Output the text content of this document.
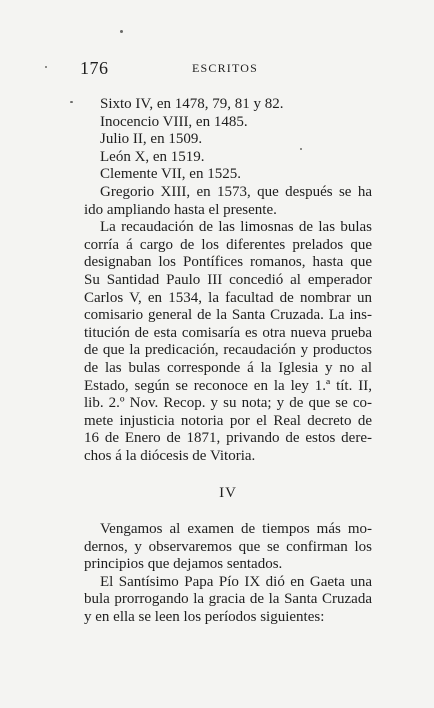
176	ESCRITOS
Sixto IV, en 1478, 79, 81 y 82.
Inocencio VIII, en 1485.
Julio II, en 1509.
León X, en 1519.
Clemente VII, en 1525.
Gregorio XIII, en 1573, que después se ha
ido ampliando hasta el presente.
La recaudación de las limosnas de las bulas
corría á cargo de los diferentes prelados que
designaban los Pontífices romanos, hasta que
Su Santidad Paulo III concedió al emperador
Carlos V, en 1534, la facultad de nombrar un
comisario general de la Santa Cruzada. La ins-
titución de esta comisaría es otra nueva prueba
de que la predicación, recaudación y productos
de las bulas corresponde á la Iglesia y no al
Estado, según se reconoce en la ley 1.ª tít. II,
lib. 2.º Nov. Recop. y su nota; y de que se co-
mete injusticia notoria por el Real decreto de
16 de Enero de 1871, privando de estos dere-
chos á la diócesis de Vitoria.
IV
Vengamos al examen de tiempos más mo-
dernos, y observaremos que se confirman los
principios que dejamos sentados.
El Santísimo Papa Pío IX dió en Gaeta una
bula prorrogando la gracia de la Santa Cruzada
y en ella se leen los períodos siguientes:
